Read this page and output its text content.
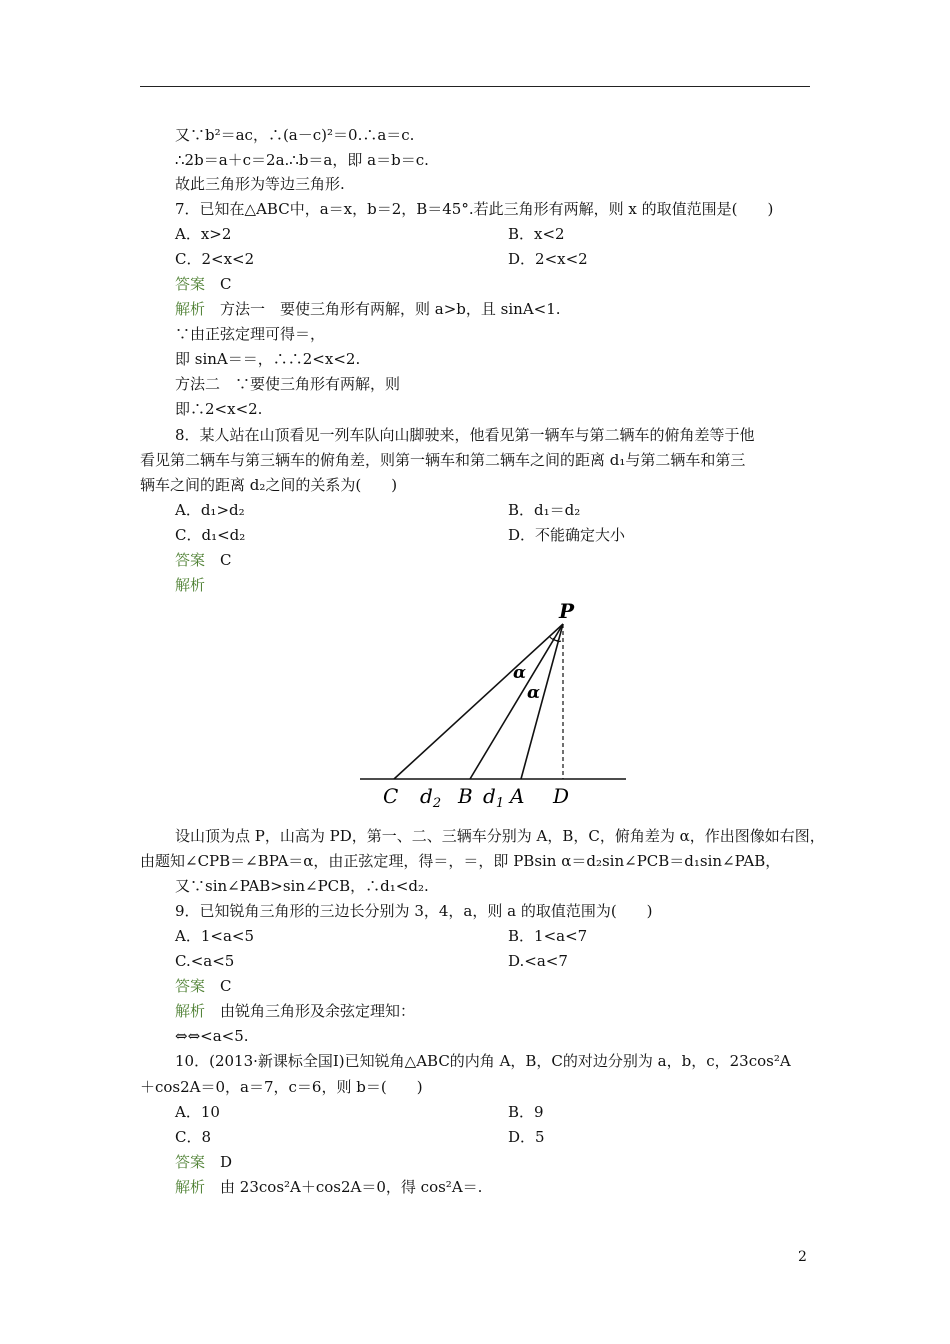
又∵b²＝ac，∴(a－c)²＝0.∴a＝c.
∴2b＝a＋c＝2a.∴b＝a，即 a＝b＝c.
故此三角形为等边三角形.
7．已知在△ABC中，a＝x，b＝2，B＝45°.若此三角形有两解，则 x 的取值范围是(　　)
A．x>2	B．x<2
C．2<x<2	D．2<x<2
答案　 C
解析　 方法一　要使三角形有两解，则 a>b，且 sinA<1.
∵由正弦定理可得＝，
即 sinA＝＝，∴∴2<x<2.
方法二　∵要使三角形有两解，则
即∴2<x<2.
8．某人站在山顶看见一列车队向山脚驶来，他看见第一辆车与第二辆车的俯角差等于他
看见第二辆车与第三辆车的俯角差，则第一辆车和第二辆车之间的距离 d₁与第二辆车和第三
辆车之间的距离 d₂之间的关系为(　　)
A．d₁>d₂	B．d₁＝d₂
C．d₁<d₂	D．不能确定大小
答案　 C
解析
P
α
α
C $d_2$ B $d_1$ A D
设山顶为点 P，山高为 PD，第一、二、三辆车分别为 A，B，C，俯角差为 α，作出图像如右图，
由题知∠CPB＝∠BPA＝α，由正弦定理，得＝，＝，即 PBsin α＝d₂sin∠PCB＝d₁sin∠PAB，
又∵sin∠PAB>sin∠PCB，∴d₁<d₂.
9．已知锐角三角形的三边长分别为 3，4，a，则 a 的取值范围为(　　)
A．1<a<5	B．1<a<7
C.<a<5	D.<a<7
答案　 C
解析　 由锐角三角形及余弦定理知：
⇔⇔<a<5.
10．(2013·新课标全国Ⅰ)已知锐角△ABC的内角 A，B，C的对边分别为 a，b，c，23cos²A
＋cos2A＝0，a＝7，c＝6，则 b＝(　　)
A．10	B．9
C．8	D．5
答案　 D
解析　 由 23cos²A＋cos2A＝0，得 cos²A＝.
2
